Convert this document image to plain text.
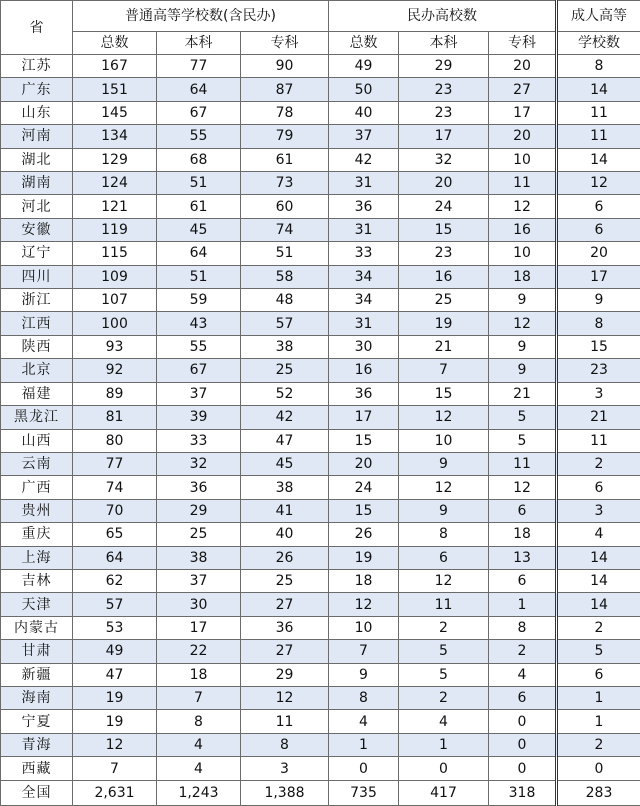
省	普通高等学校数(含民办)			民办高校数			成人高等
	总数	本科	专科	总数	本科	专科	学校数
江苏	167	77	90	49	29	20	8
广东	151	64	87	50	23	27	14
山东	145	67	78	40	23	17	11
河南	134	55	79	37	17	20	11
湖北	129	68	61	42	32	10	14
湖南	124	51	73	31	20	11	12
河北	121	61	60	36	24	12	6
安徽	119	45	74	31	15	16	6
辽宁	115	64	51	33	23	10	20
四川	109	51	58	34	16	18	17
浙江	107	59	48	34	25	9	9
江西	100	43	57	31	19	12	8
陕西	93	55	38	30	21	9	15
北京	92	67	25	16	7	9	23
福建	89	37	52	36	15	21	3
黑龙江	81	39	42	17	12	5	21
山西	80	33	47	15	10	5	11
云南	77	32	45	20	9	11	2
广西	74	36	38	24	12	12	6
贵州	70	29	41	15	9	6	3
重庆	65	25	40	26	8	18	4
上海	64	38	26	19	6	13	14
吉林	62	37	25	18	12	6	14
天津	57	30	27	12	11	1	14
内蒙古	53	17	36	10	2	8	2
甘肃	49	22	27	7	5	2	5
新疆	47	18	29	9	5	4	6
海南	19	7	12	8	2	6	1
宁夏	19	8	11	4	4	0	1
青海	12	4	8	1	1	0	2
西藏	7	4	3	0	0	0	0
全国	2,631	1,243	1,388	735	417	318	283
